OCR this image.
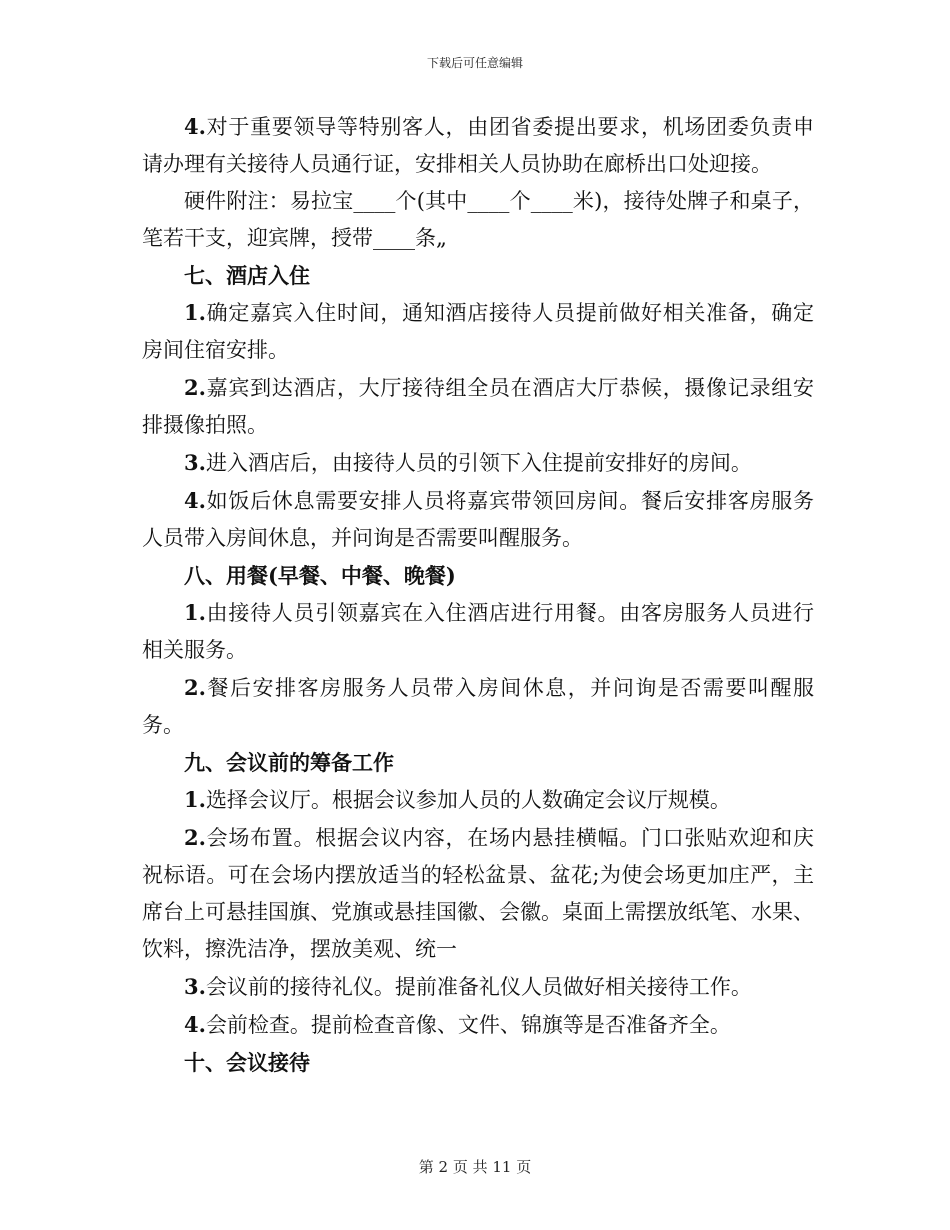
下载后可任意编辑

4.对于重要领导等特别客人，由团省委提出要求，机场团委负责申请办理有关接待人员通行证，安排相关人员协助在廊桥出口处迎接。

硬件附注：易拉宝____个(其中____个____米)，接待处牌子和桌子，笔若干支，迎宾牌，授带____条„

七、酒店入住

1.确定嘉宾入住时间，通知酒店接待人员提前做好相关准备，确定房间住宿安排。

2.嘉宾到达酒店，大厅接待组全员在酒店大厅恭候，摄像记录组安排摄像拍照。

3.进入酒店后，由接待人员的引领下入住提前安排好的房间。

4.如饭后休息需要安排人员将嘉宾带领回房间。餐后安排客房服务人员带入房间休息，并问询是否需要叫醒服务。

八、用餐(早餐、中餐、晚餐)

1.由接待人员引领嘉宾在入住酒店进行用餐。由客房服务人员进行相关服务。

2.餐后安排客房服务人员带入房间休息，并问询是否需要叫醒服务。

九、会议前的筹备工作

1.选择会议厅。根据会议参加人员的人数确定会议厅规模。

2.会场布置。根据会议内容，在场内悬挂横幅。门口张贴欢迎和庆祝标语。可在会场内摆放适当的轻松盆景、盆花;为使会场更加庄严，主席台上可悬挂国旗、党旗或悬挂国徽、会徽。桌面上需摆放纸笔、水果、饮料，擦洗洁净，摆放美观、统一

3.会议前的接待礼仪。提前准备礼仪人员做好相关接待工作。

4.会前检查。提前检查音像、文件、锦旗等是否准备齐全。

十、会议接待

第 2 页 共 11 页
